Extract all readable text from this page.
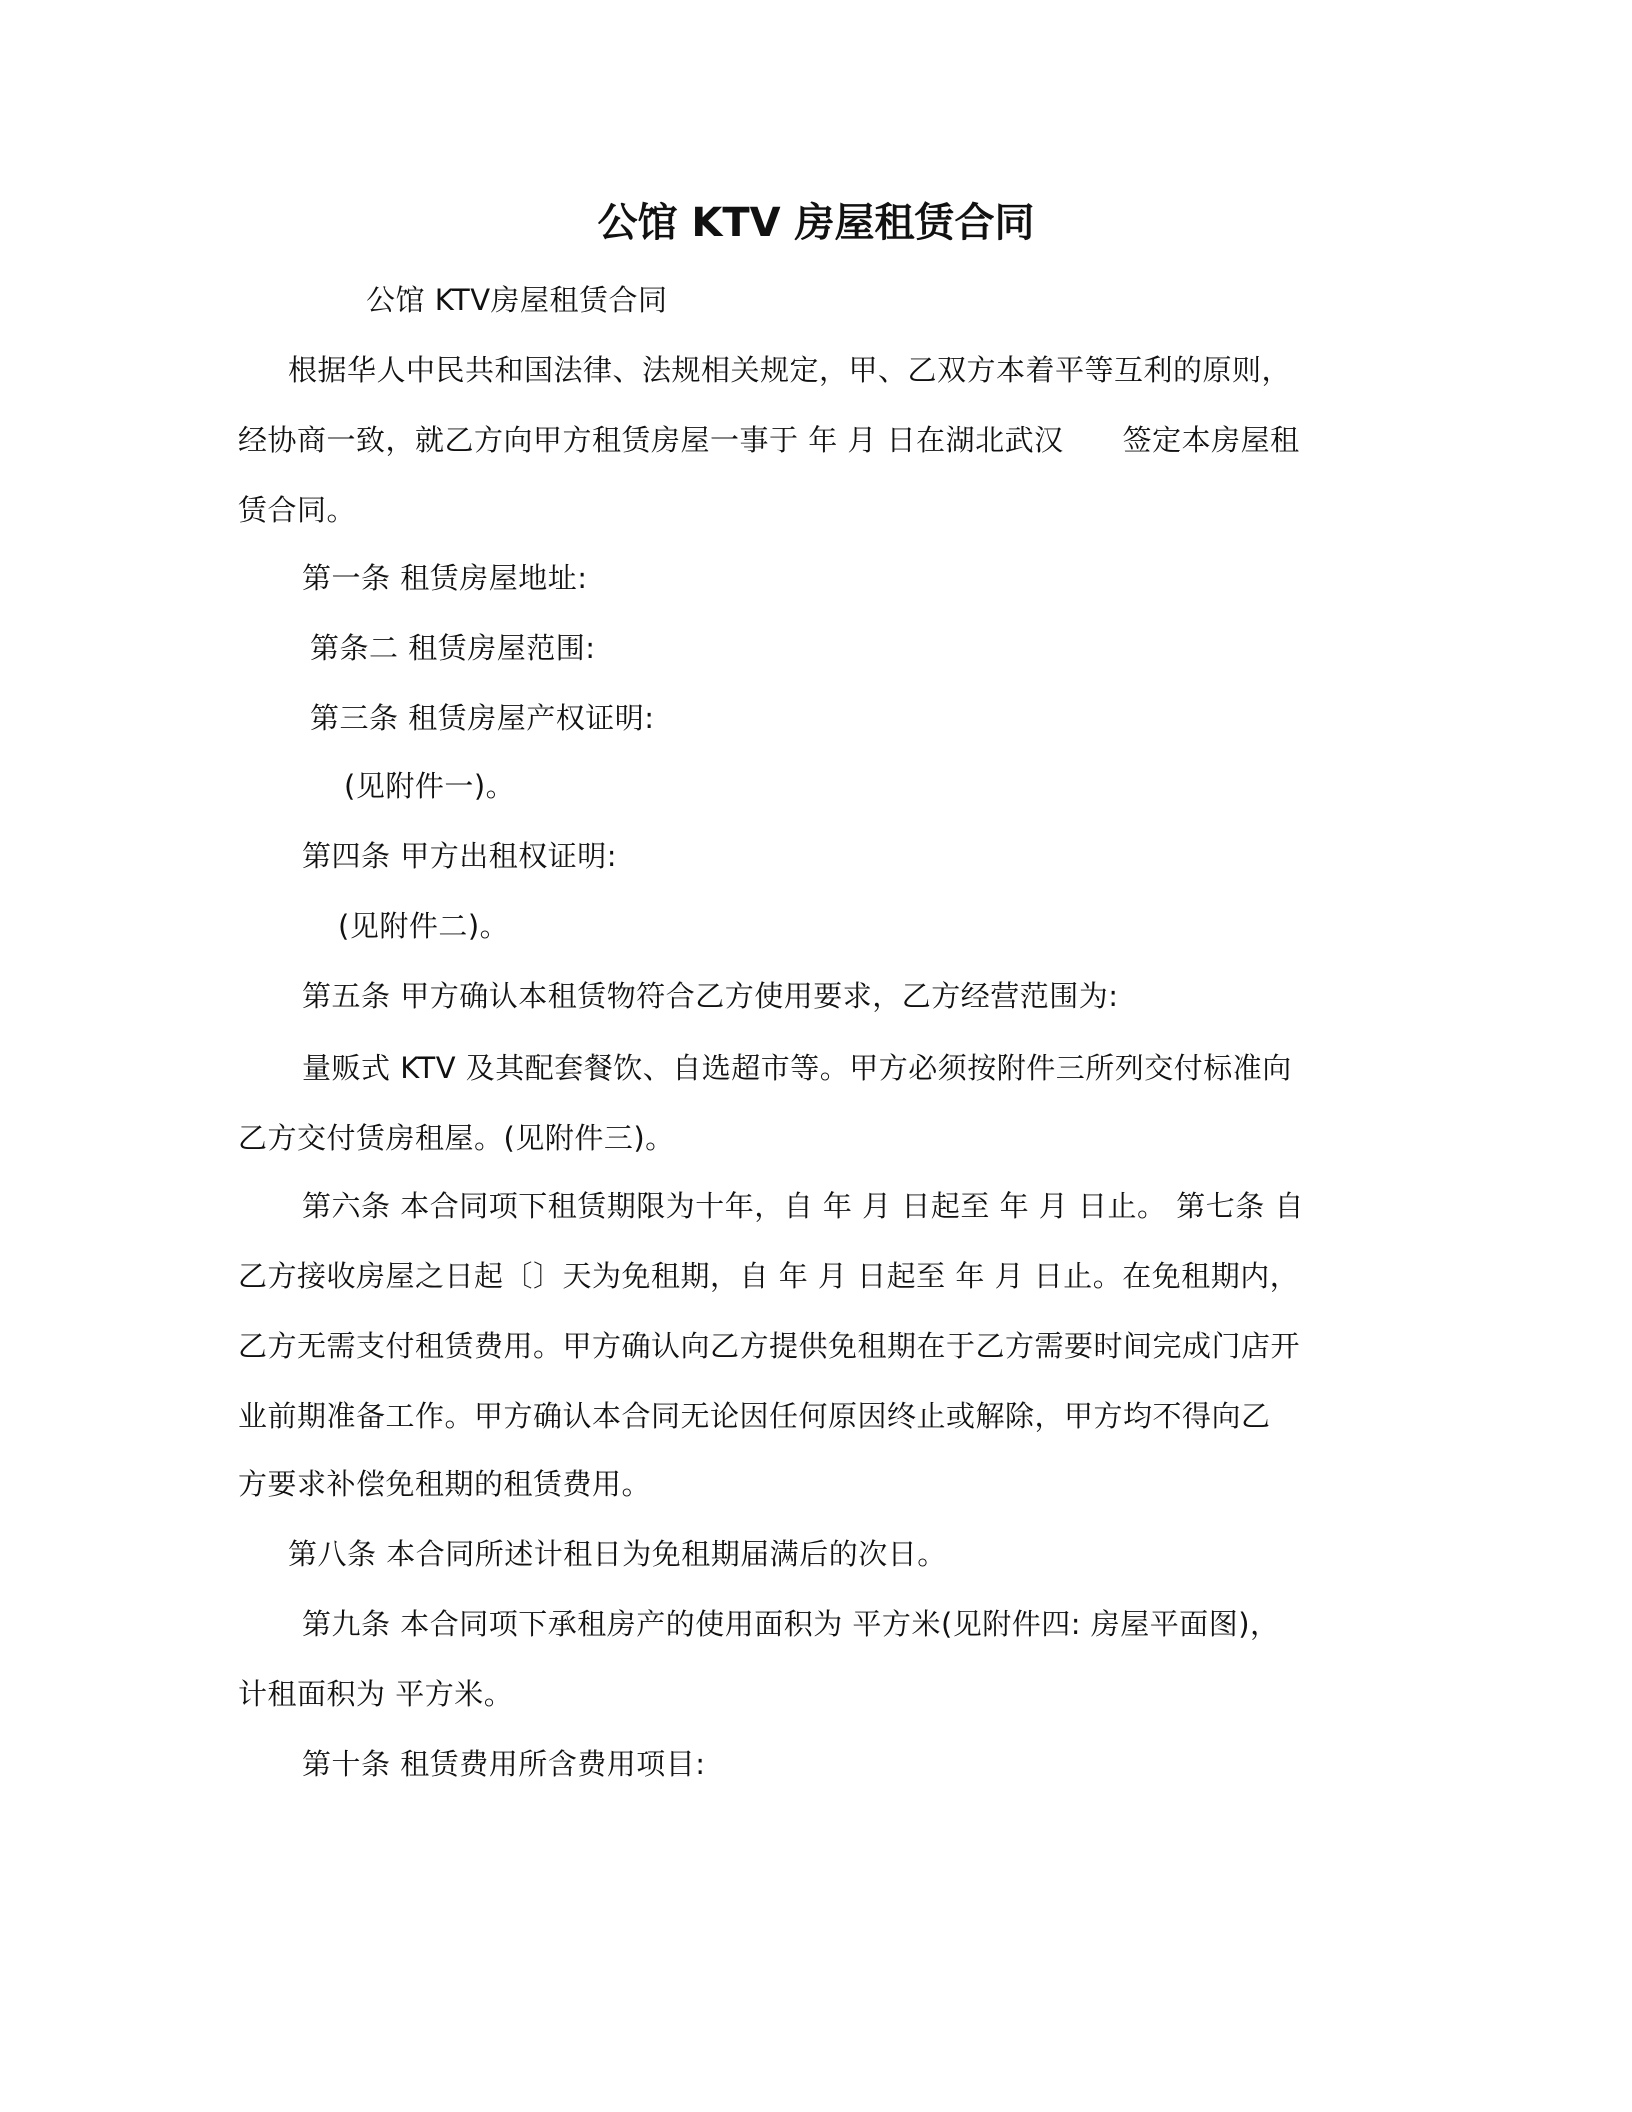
公馆 KTV 房屋租赁合同
公馆 KTV房屋租赁合同
根据华人中民共和国法律、法规相关规定，甲、乙双方本着平等互利的原则，
经协商一致，就乙方向甲方租赁房屋一事于 年 月 日在湖北武汉　　签定本房屋租
赁合同。
第一条 租赁房屋地址:
第条二 租赁房屋范围:
第三条 租赁房屋产权证明:
(见附件一)。
第四条 甲方出租权证明:
(见附件二)。
第五条 甲方确认本租赁物符合乙方使用要求，乙方经营范围为:
量贩式 KTV 及其配套餐饮、自选超市等。甲方必须按附件三所列交付标准向
乙方交付赁房租屋。(见附件三)。
第六条 本合同项下租赁期限为十年，自 年 月 日起至 年 月 日止。 第七条 自
乙方接收房屋之日起〔〕天为免租期，自 年 月 日起至 年 月 日止。在免租期内，
乙方无需支付租赁费用。甲方确认向乙方提供免租期在于乙方需要时间完成门店开
业前期准备工作。甲方确认本合同无论因任何原因终止或解除，甲方均不得向乙
方要求补偿免租期的租赁费用。
第八条 本合同所述计租日为免租期届满后的次日。
第九条 本合同项下承租房产的使用面积为 平方米(见附件四: 房屋平面图)，
计租面积为 平方米。
第十条 租赁费用所含费用项目:
